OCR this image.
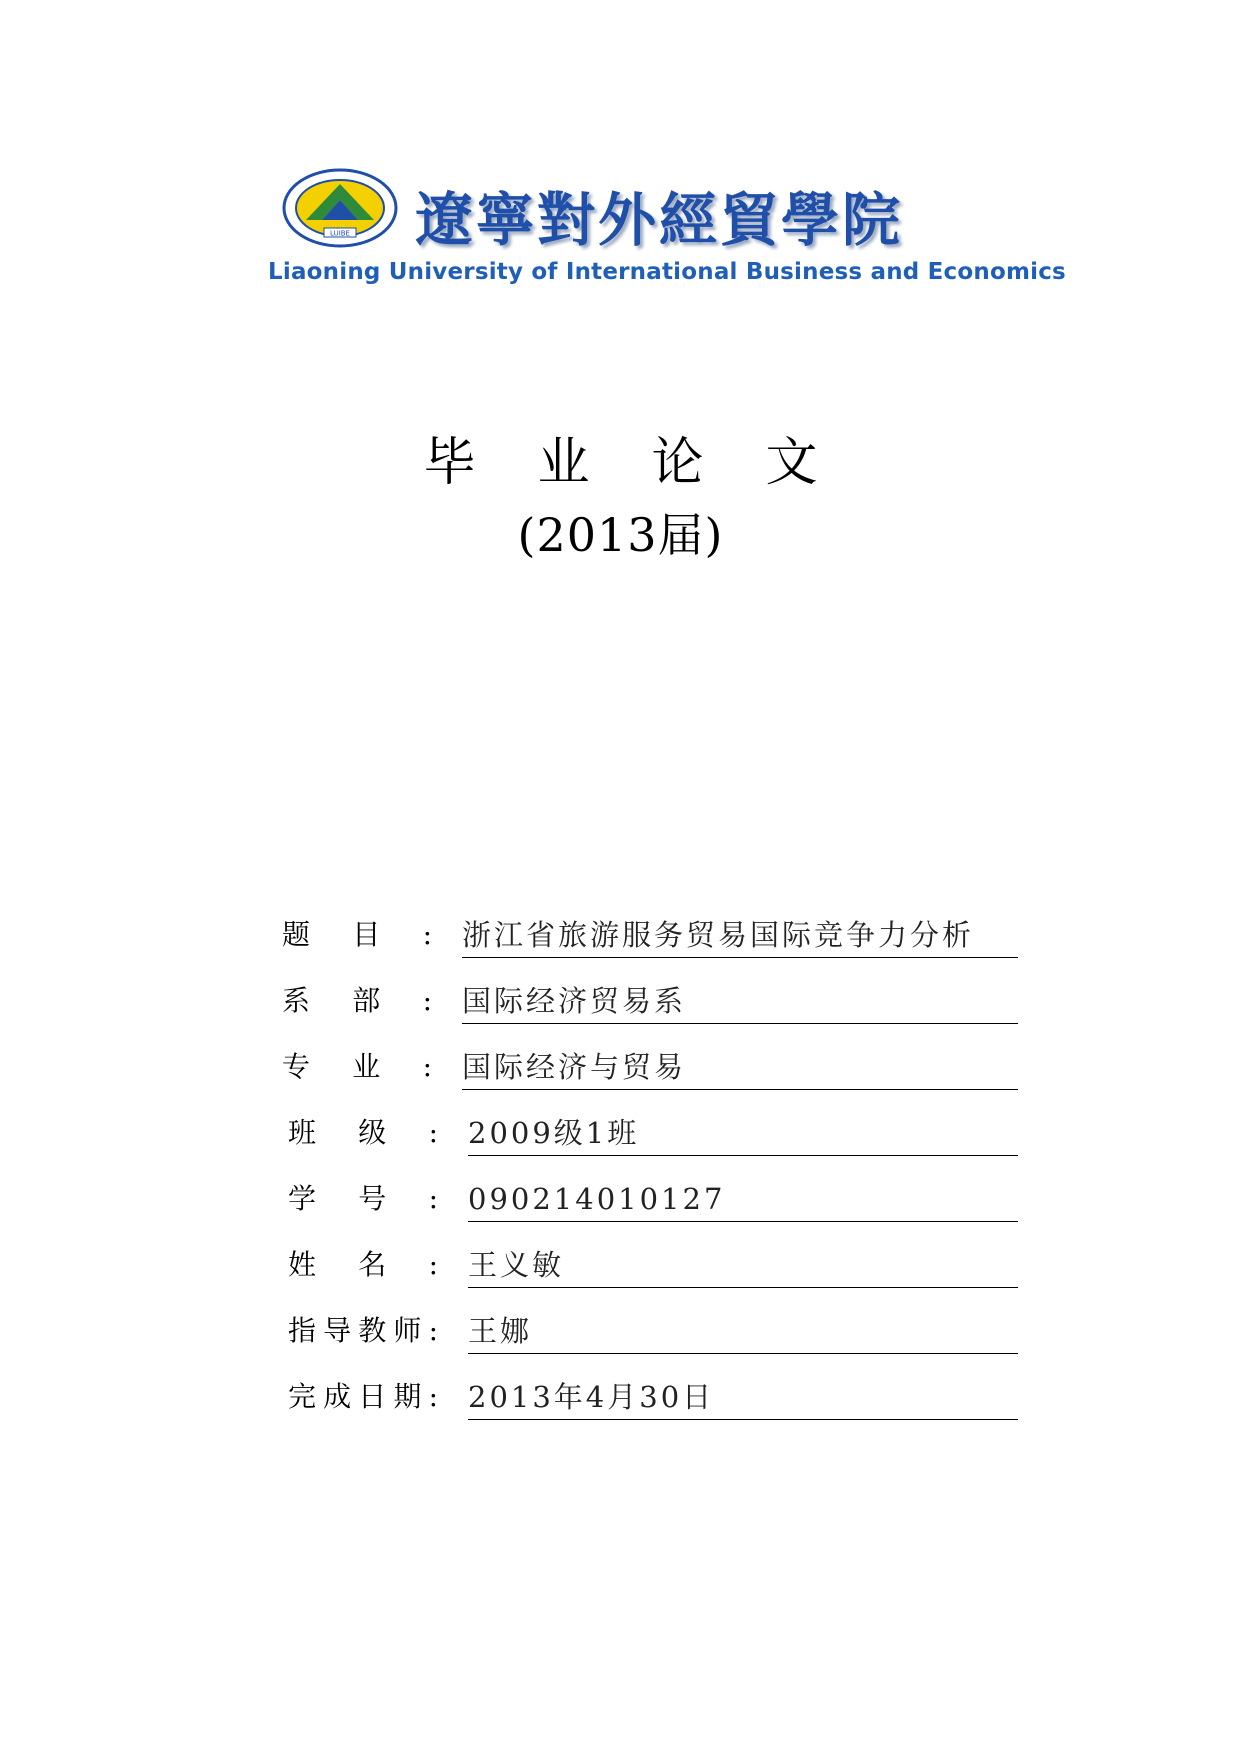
LUIBE 遼寧對外經貿學院
Liaoning University of International Business and Economics
毕业论文
(2013届)
题 目 : 浙江省旅游服务贸易国际竞争力分析
系 部 : 国际经济贸易系
专 业 : 国际经济与贸易
班 级 : 2009级1班
学 号 : 090214010127
姓 名 : 王义敏
指 导 教 师 : 王娜
完 成 日 期 : 2013年4月30日
